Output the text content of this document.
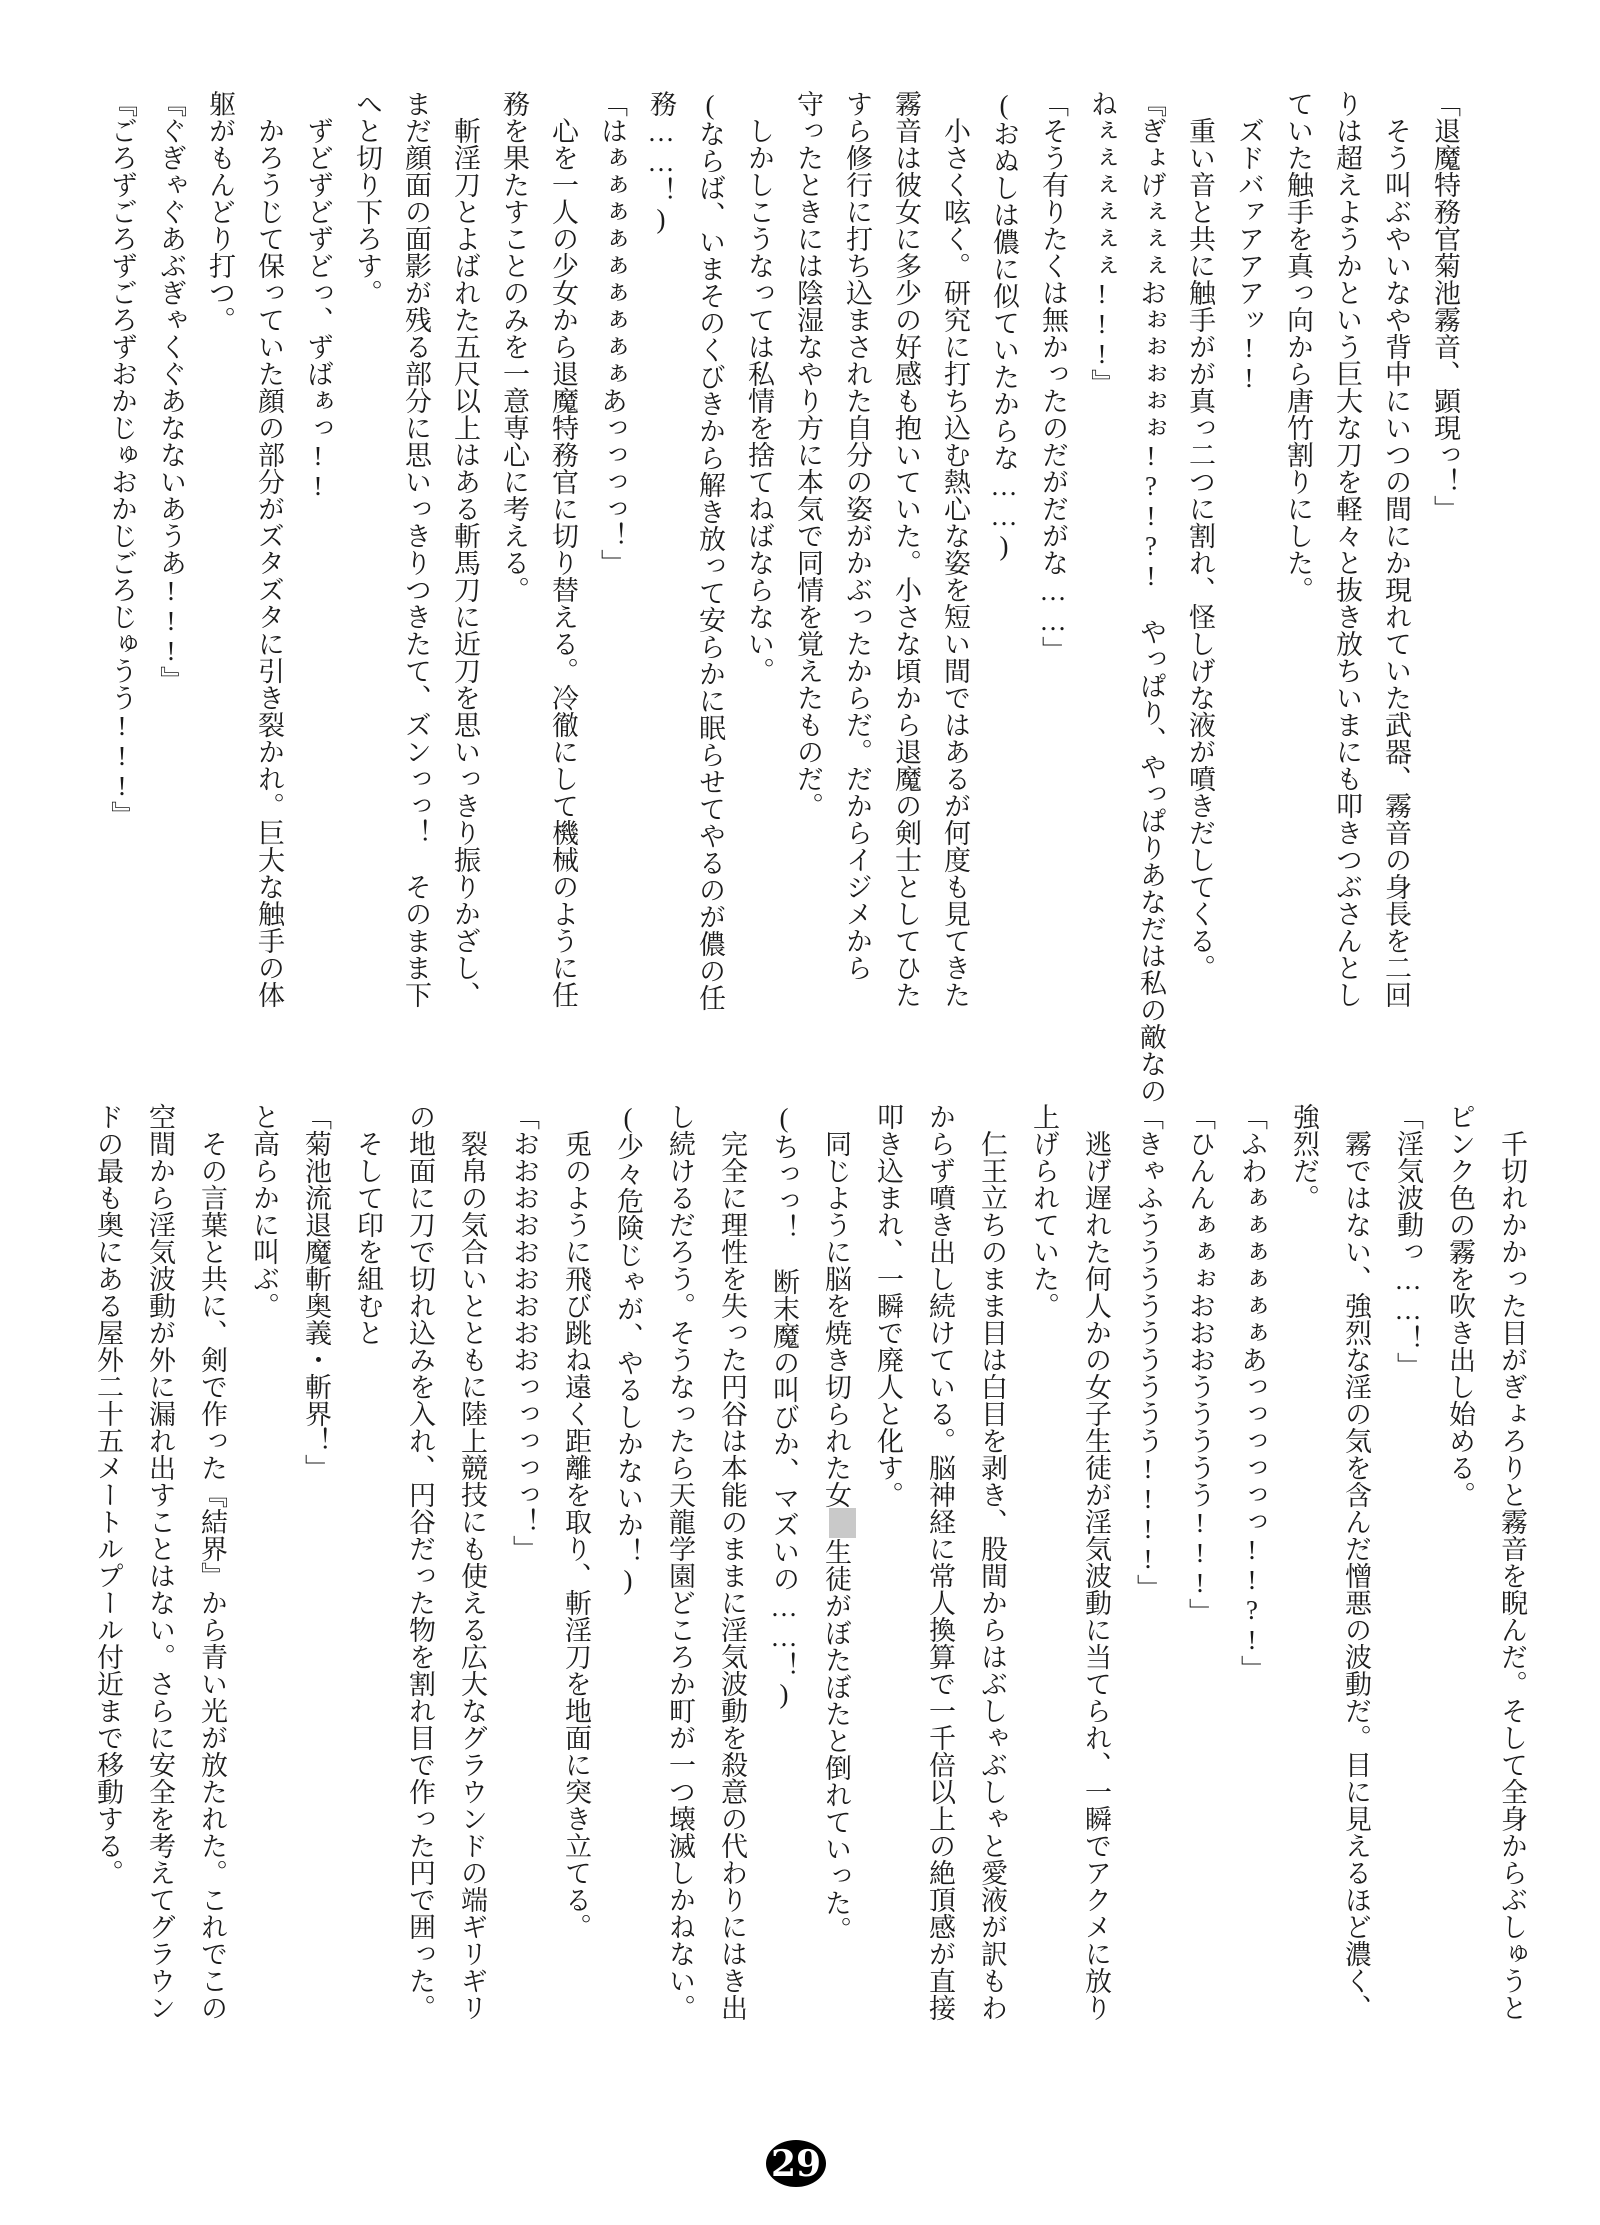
「退魔特務官菊池霧音、顕現っ！」
そう叫ぶやいなや背中にいつの間にか現れていた武器、霧音の身長を二回
りは超えようかという巨大な刀を軽々と抜き放ちいまにも叩きつぶさんとし
ていた触手を真っ向から唐竹割りにした。
ズドバァアアアッ!!
重い音と共に触手がが真っ二つに割れ、怪しげな液が噴きだしてくる。
『ぎょげぇぇぇおぉぉぉぉぉ!?!?!　やっぱり、やっぱりあなだは私の敵なの
ねぇぇぇぇぇぇ!!!』
「そう有りたくは無かったのだがだがな……」
(おぬしは儂に似ていたからな……)
小さく呟く。研究に打ち込む熱心な姿を短い間ではあるが何度も見てきた
霧音は彼女に多少の好感も抱いていた。小さな頃から退魔の剣士としてひた
すら修行に打ち込まされた自分の姿がかぶったからだ。だからイジメから
守ったときには陰湿なやり方に本気で同情を覚えたものだ。
しかしこうなっては私情を捨てねばならない。
(ならば、いまそのくびきから解き放って安らかに眠らせてやるのが儂の任
務……！)
「はぁぁぁぁぁぁぁぁぁあっっっっ！」
心を一人の少女から退魔特務官に切り替える。冷徹にして機械のように任
務を果たすことのみを一意専心に考える。
斬淫刀とよばれた五尺以上はある斬馬刀に近刀を思いっきり振りかざし、
まだ顔面の面影が残る部分に思いっきりつきたて、ズンっっ！　そのまま下
へと切り下ろす。
ずどずどずどっ、ずばぁっ!!
かろうじて保っていた顔の部分がズタズタに引き裂かれ。巨大な触手の体
躯がもんどり打つ。
『ぐぎゃぐあぶぎゃくぐあなないあうあ!!!』
『ごろずごろずごろずおかじゅおかじごろじゅうう!!!』
千切れかかった目がぎょろりと霧音を睨んだ。そして全身からぶしゅうと
ピンク色の霧を吹き出し始める。
「淫気波動っ……！」
霧ではない、強烈な淫の気を含んだ憎悪の波動だ。目に見えるほど濃く、
強烈だ。
「ふわぁぁぁぁぁぁあっっっっっっ!!?!」
「ひんんぁぁぉおおおううううう!!!」
「きゃふううううううううう!!!!」
逃げ遅れた何人かの女子生徒が淫気波動に当てられ、一瞬でアクメに放り
上げられていた。
仁王立ちのまま目は白目を剥き、股間からはぶしゃぶしゃと愛液が訳もわ
からず噴き出し続けている。脳神経に常人換算で一千倍以上の絶頂感が直接
叩き込まれ、一瞬で廃人と化す。
同じように脳を焼き切られた女生徒がぼたぼたと倒れていった。
(ちっっ！　断末魔の叫びか、マズいの……！)
完全に理性を失った円谷は本能のままに淫気波動を殺意の代わりにはき出
し続けるだろう。そうなったら天龍学園どころか町が一つ壊滅しかねない。
(少々危険じゃが、やるしかないか！)
兎のように飛び跳ね遠く距離を取り、斬淫刀を地面に突き立てる。
「おおおおおおおおおっっっっっ！」
裂帛の気合いとともに陸上競技にも使える広大なグラウンドの端ギリギリ
の地面に刀で切れ込みを入れ、円谷だった物を割れ目で作った円で囲った。
そして印を組むと
「菊池流退魔斬奥義・斬界！」
と高らかに叫ぶ。
その言葉と共に、剣で作った『結界』から青い光が放たれた。これでこの
空間から淫気波動が外に漏れ出すことはない。さらに安全を考えてグラウン
ドの最も奥にある屋外二十五メートルプール付近まで移動する。
29
